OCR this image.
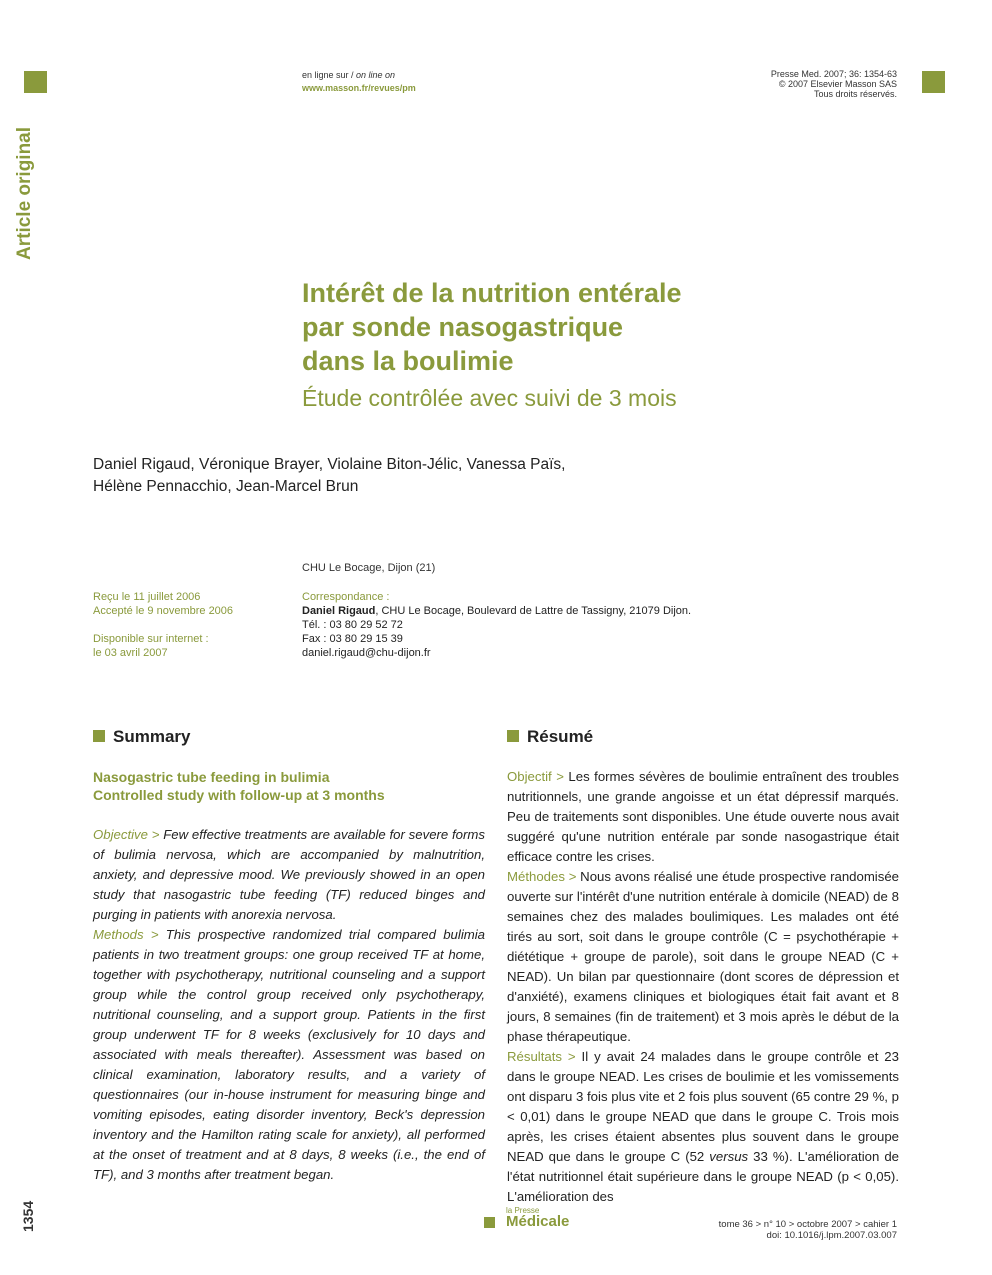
Article original
1354
en ligne sur / on line on
www.masson.fr/revues/pm
Presse Med. 2007; 36: 1354-63
© 2007 Elsevier Masson SAS
Tous droits réservés.
Intérêt de la nutrition entérale
par sonde nasogastrique
dans la boulimie
Étude contrôlée avec suivi de 3 mois
Daniel Rigaud, Véronique Brayer, Violaine Biton-Jélic, Vanessa Païs,
Hélène Pennacchio, Jean-Marcel Brun
CHU Le Bocage, Dijon (21)
Reçu le 11 juillet 2006
Accepté le 9 novembre 2006
Disponible sur internet :
le 03 avril 2007
Correspondance :
Daniel Rigaud, CHU Le Bocage, Boulevard de Lattre de Tassigny, 21079 Dijon.
Tél. : 03 80 29 52 72
Fax : 03 80 29 15 39
daniel.rigaud@chu-dijon.fr
Summary	Résumé
Nasogastric tube feeding in bulimia
Controlled study with follow-up at 3 months

Objective > Few effective treatments are available for severe forms of bulimia nervosa, which are accompanied by malnutrition, anxiety, and depressive mood. We previously showed in an open study that nasogastric tube feeding (TF) reduced binges and purging in patients with anorexia nervosa.

Methods > This prospective randomized trial compared bulimia patients in two treatment groups: one group received TF at home, together with psychotherapy, nutritional counseling and a support group while the control group received only psychotherapy, nutritional counseling, and a support group. Patients in the first group underwent TF for 8 weeks (exclusively for 10 days and associated with meals thereafter). Assessment was based on clinical examination, laboratory results, and a variety of questionnaires (our in-house instrument for measuring binge and vomiting episodes, eating disorder inventory, Beck's depression inventory and the Hamilton rating scale for anxiety), all performed at the onset of treatment and at 8 days, 8 weeks (i.e., the end of TF), and 3 months after treatment began.

Objectif > Les formes sévères de boulimie entraînent des troubles nutritionnels, une grande angoisse et un état dépressif marqués. Peu de traitements sont disponibles. Une étude ouverte nous avait suggéré qu'une nutrition entérale par sonde nasogastrique était efficace contre les crises.

Méthodes > Nous avons réalisé une étude prospective randomisée ouverte sur l'intérêt d'une nutrition entérale à domicile (NEAD) de 8 semaines chez des malades boulimiques. Les malades ont été tirés au sort, soit dans le groupe contrôle (C = psychothérapie + diététique + groupe de parole), soit dans le groupe NEAD (C + NEAD). Un bilan par questionnaire (dont scores de dépression et d'anxiété), examens cliniques et biologiques était fait avant et 8 jours, 8 semaines (fin de traitement) et 3 mois après le début de la phase thérapeutique.

Résultats > Il y avait 24 malades dans le groupe contrôle et 23 dans le groupe NEAD. Les crises de boulimie et les vomissements ont disparu 3 fois plus vite et 2 fois plus souvent (65 contre 29 %, p < 0,01) dans le groupe NEAD que dans le groupe C. Trois mois après, les crises étaient absentes plus souvent dans le groupe NEAD que dans le groupe C (52 versus 33 %). L'amélioration de l'état nutritionnel était supérieure dans le groupe NEAD (p < 0,05). L'amélioration des

la Presse
Médicale	tome 36 > n° 10 > octobre 2007 > cahier 1
doi: 10.1016/j.lpm.2007.03.007
